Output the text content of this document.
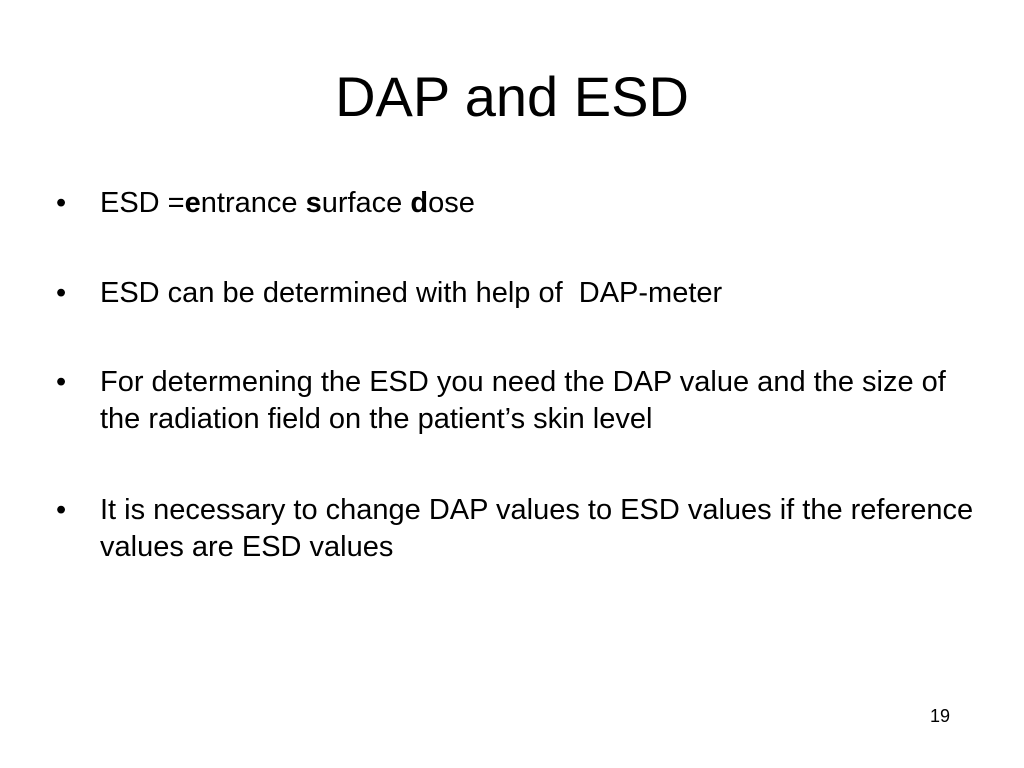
DAP and ESD
•	ESD =entrance surface dose
•	ESD can be determined with help of  DAP-meter
•	For determening the ESD you need the DAP value and the size of the radiation field on the patient’s skin level
•	It is necessary to change DAP values to ESD values if the reference values are ESD values
19
